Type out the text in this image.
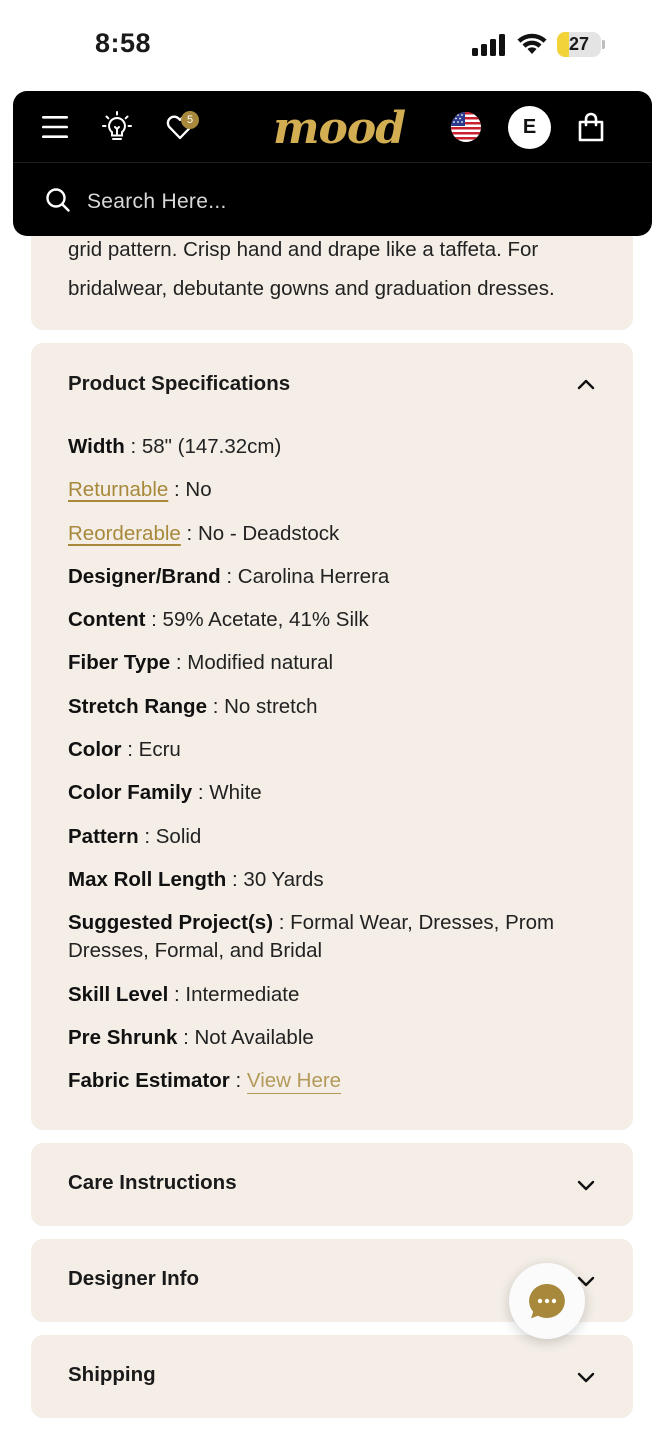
8:58	27
5 mood	E
Search Here...
grid pattern. Crisp hand and drape like a taffeta. For bridalwear, debutante gowns and graduation dresses.
Product Specifications
Width : 58" (147.32cm)
Returnable : No
Reorderable : No - Deadstock
Designer/Brand : Carolina Herrera
Content : 59% Acetate, 41% Silk
Fiber Type : Modified natural
Stretch Range : No stretch
Color : Ecru
Color Family : White
Pattern : Solid
Max Roll Length : 30 Yards
Suggested Project(s) : Formal Wear, Dresses, Prom Dresses, Formal, and Bridal
Skill Level : Intermediate
Pre Shrunk : Not Available
Fabric Estimator : View Here
Care Instructions
Designer Info
Shipping
